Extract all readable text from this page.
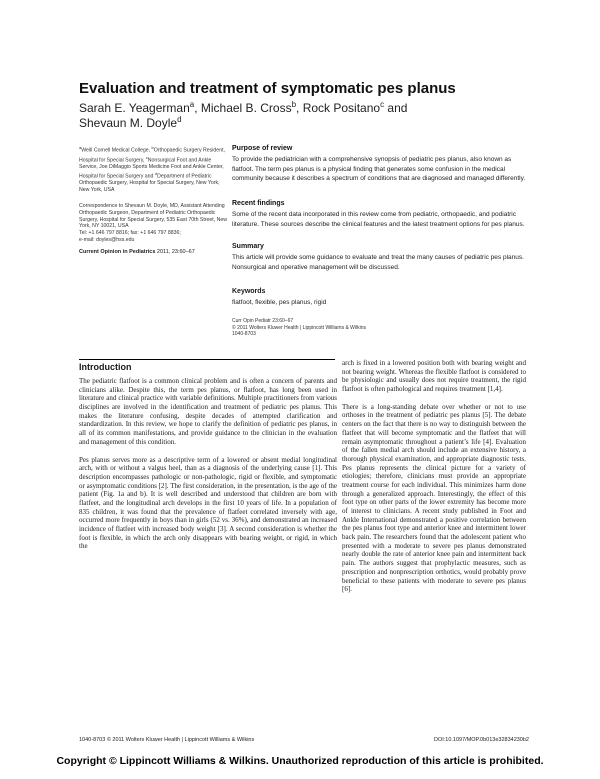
Evaluation and treatment of symptomatic pes planus
Sarah E. Yeagerman$^a$, Michael B. Cross$^b$, Rock Positano$^c$ and
Shevaun M. Doyle$^d$
$^a$Weill Cornell Medical College, $^b$Orthopaedic Surgery Resident, Hospital for Special Surgery, $^c$Nonsurgical Foot and Ankle Service, Joe DiMaggio Sports Medicine Foot and Ankle Center, Hospital for Special Surgery and $^d$Department of Pediatric Orthopaedic Surgery, Hospital for Special Surgery, New York, New York, USA
Correspondence to Shevaun M. Doyle, MD, Assistant Attending Orthopaedic Surgeon, Department of Pediatric Orthopaedic Surgery, Hospital for Special Surgery, 535 East 70th Street, New York, NY 10021, USA
Tel: +1 646 797 8816; fax: +1 646 797 8836;
e-mail: doyles@hss.edu
Current Opinion in Pediatrics 2011, 23:60–67
Purpose of review

To provide the pediatrician with a comprehensive synopsis of pediatric pes planus, also known as flatfoot. The term pes planus is a physical finding that generates some confusion in the medical community because it describes a spectrum of conditions that are diagnosed and managed differently.

Recent findings

Some of the recent data incorporated in this review come from pediatric, orthopaedic, and podiatric literature. These sources describe the clinical features and the latest treatment options for pes planus.

Summary

This article will provide some guidance to evaluate and treat the many causes of pediatric pes planus. Nonsurgical and operative management will be discussed.

Keywords
flatfoot, flexible, pes planus, rigid
Curr Opin Pediatr 23:60–67
© 2011 Wolters Kluwer Health | Lippincott Williams & Wilkins
1040-8703
Introduction

The pediatric flatfoot is a common clinical problem and is often a concern of parents and clinicians alike. Despite this, the term pes planus, or flatfoot, has long been used in literature and clinical practice with variable definitions. Multiple practitioners from various disciplines are involved in the identification and treatment of pediatric pes planus. This makes the literature confusing, despite decades of attempted clarification and standardization. In this review, we hope to clarify the definition of pediatric pes planus, in all of its common manifestations, and provide guidance to the clinician in the evaluation and management of this condition.

Pes planus serves more as a descriptive term of a lowered or absent medial longitudinal arch, with or without a valgus heel, than as a diagnosis of the underlying cause [1]. This description encompasses pathologic or non-pathologic, rigid or flexible, and symptomatic or asymptomatic conditions [2]. The first consideration, in the presentation, is the age of the patient (Fig. 1a and b). It is well described and understood that children are born with flatfeet, and the longitudinal arch develops in the first 10 years of life. In a population of 835 children, it was found that the prevalence of flatfeet correlated inversely with age, occurred more frequently in boys than in girls (52 vs. 36%), and demonstrated an increased incidence of flatfeet with increased body weight [3]. A second consideration is whether the foot is flexible, in which the arch only disappears with bearing weight, or rigid, in which the

arch is fixed in a lowered position both with bearing weight and not bearing weight. Whereas the flexible flatfoot is considered to be physiologic and usually does not require treatment, the rigid flatfoot is often pathological and requires treatment [1,4].

There is a long-standing debate over whether or not to use orthoses in the treatment of pediatric pes planus [5]. The debate centers on the fact that there is no way to distinguish between the flatfeet that will become symptomatic and the flatfeet that will remain asymptomatic throughout a patient’s life [4]. Evaluation of the fallen medial arch should include an extensive history, a thorough physical examination, and appropriate diagnostic tests. Pes planus represents the clinical picture for a variety of etiologies; therefore, clinicians must provide an appropriate treatment course for each individual. This minimizes harm done through a generalized approach. Interestingly, the effect of this foot type on other parts of the lower extremity has become more of interest to clinicians. A recent study published in Foot and Ankle International demonstrated a positive correlation between the pes planus foot type and anterior knee and intermittent lower back pain. The researchers found that the adolescent patient who presented with a moderate to severe pes planus demonstrated nearly double the rate of anterior knee pain and intermittent back pain. The authors suggest that prophylactic measures, such as prescription and nonprescription orthotics, would probably prove beneficial to these patients with moderate to severe pes planus [6].

1040-8703 © 2011 Wolters Kluwer Health | Lippincott Williams & Wilkins	DOI:10.1097/MOP.0b013e32834230b2
Copyright © Lippincott Williams & Wilkins. Unauthorized reproduction of this article is prohibited.
